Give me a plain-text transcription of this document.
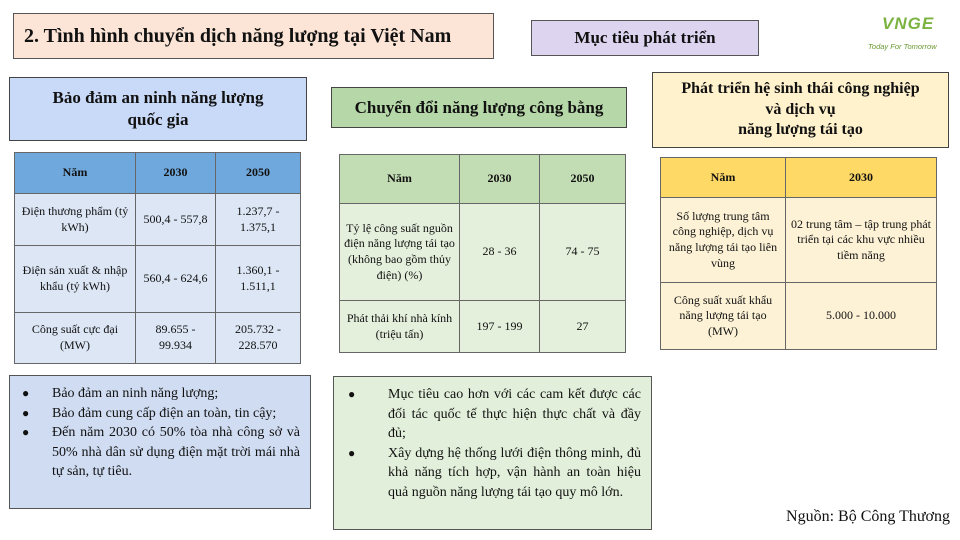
2. Tình hình chuyển dịch năng lượng tại Việt Nam	Mục tiêu phát triển
VNGE
Today For Tomorrow
Bảo đảm an ninh năng lượng quốc gia
Năm	2030	2050
Điện thương phẩm (tỷ kWh)	500,4 - 557,8	1.237,7 - 1.375,1
Điện sản xuất & nhập khẩu (tỷ kWh)	560,4 - 624,6	1.360,1 - 1.511,1
Công suất cực đại (MW)	89.655 - 99.934	205.732 - 228.570
●	Bảo đảm an ninh năng lượng;
●	Bảo đảm cung cấp điện an toàn, tin cậy;
●	Đến năm 2030 có 50% tòa nhà công sở và 50% nhà dân sử dụng điện mặt trời mái nhà tự sản, tự tiêu.
Chuyển đổi năng lượng công bằng
Năm	2030	2050
Tỷ lệ công suất nguồn điện năng lượng tái tạo (không bao gồm thủy điện) (%)	28 - 36	74 - 75
Phát thải khí nhà kính (triệu tấn)	197 - 199	27
●	Mục tiêu cao hơn với các cam kết được các đối tác quốc tế thực hiện thực chất và đầy đủ;
●	Xây dựng hệ thống lưới điện thông minh, đủ khả năng tích hợp, vận hành an toàn hiệu quả nguồn năng lượng tái tạo quy mô lớn.
Phát triển hệ sinh thái công nghiệp
và dịch vụ
năng lượng tái tạo
Năm	2030
Số lượng trung tâm công nghiệp, dịch vụ năng lượng tái tạo liên vùng	02 trung tâm – tập trung phát triển tại các khu vực nhiều tiềm năng
Công suất xuất khẩu năng lượng tái tạo (MW)	5.000 - 10.000
Nguồn: Bộ Công Thương
